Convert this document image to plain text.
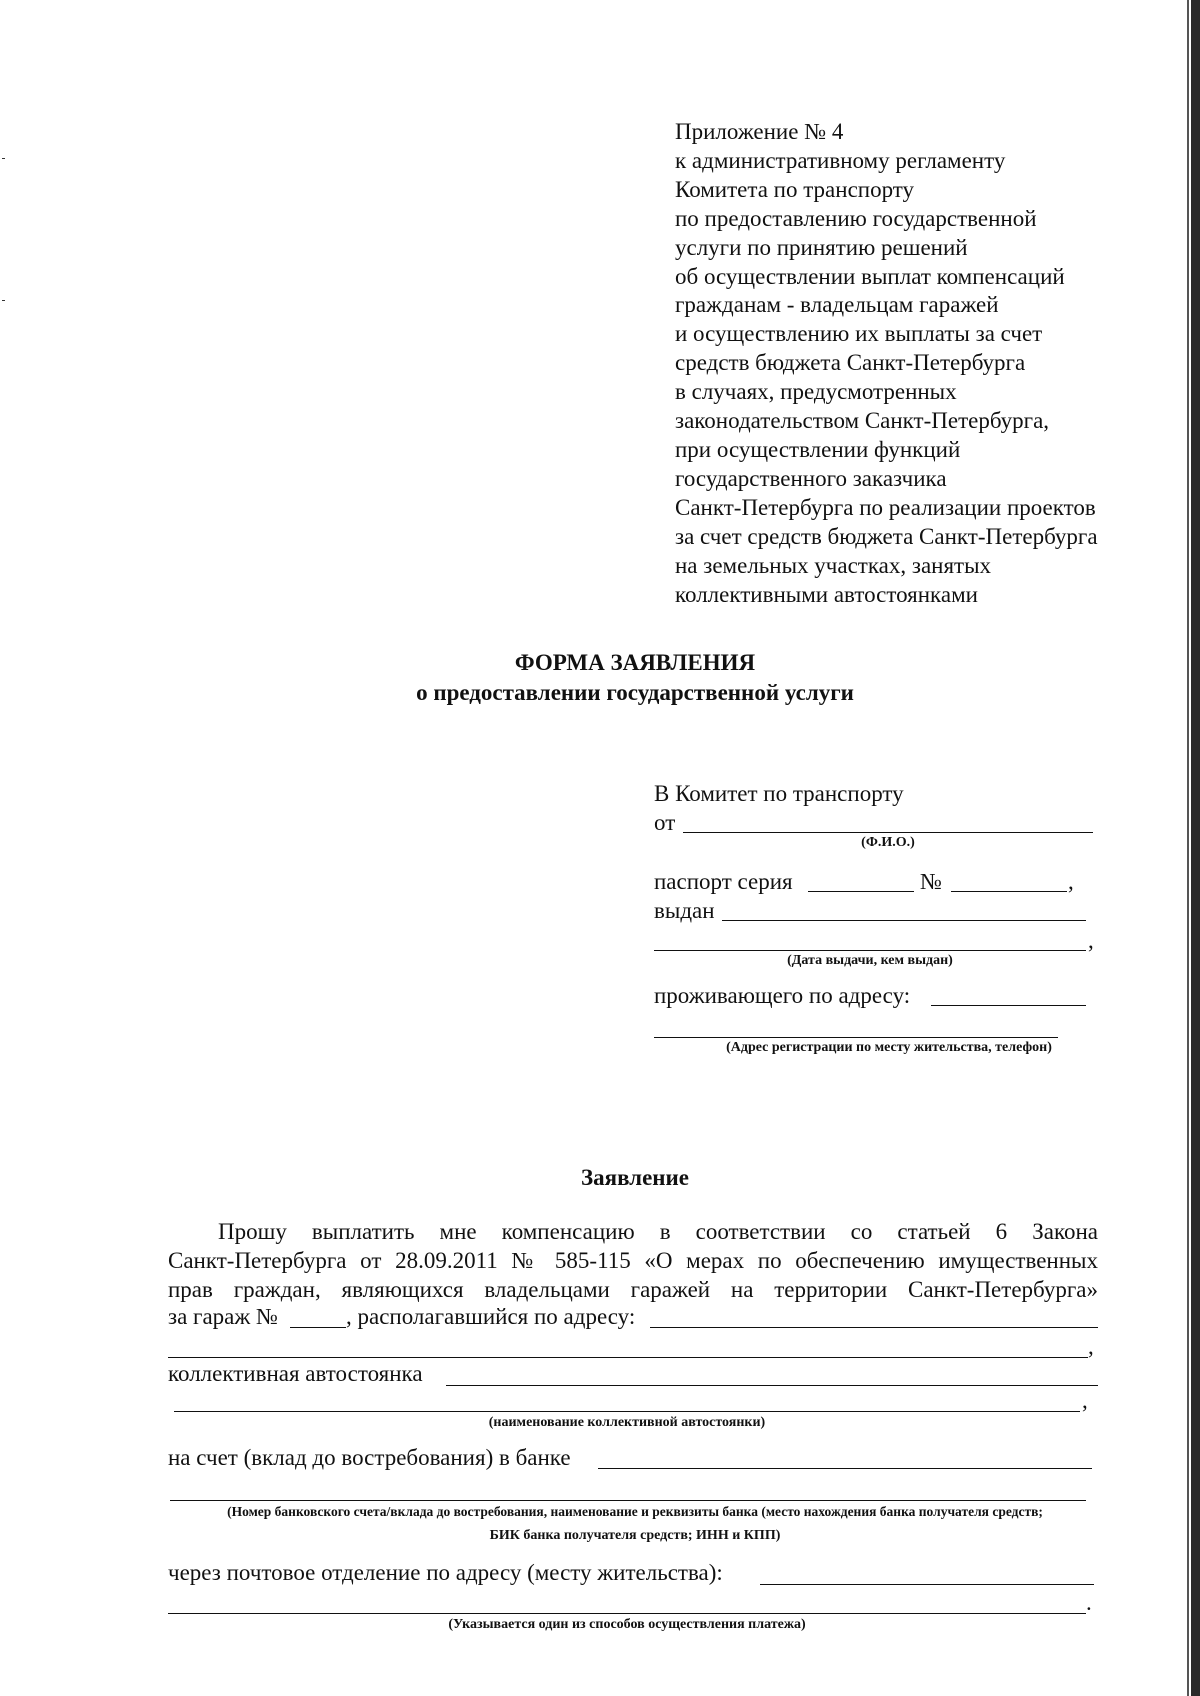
Приложение № 4
к административному регламенту
Комитета по транспорту
по предоставлению государственной
услуги по принятию решений
об осуществлении выплат компенсаций
гражданам - владельцам гаражей
и осуществлению их выплаты за счет
средств бюджета Санкт-Петербурга
в случаях, предусмотренных
законодательством Санкт-Петербурга,
при осуществлении функций
государственного заказчика
Санкт-Петербурга по реализации проектов
за счет средств бюджета Санкт-Петербурга
на земельных участках, занятых
коллективными автостоянками
ФОРМА ЗАЯВЛЕНИЯ
о предоставлении государственной услуги
В Комитет по транспорту
от
(Ф.И.О.)
паспорт серия	№	,
выдан
,
(Дата выдачи, кем выдан)
проживающего по адресу:
(Адрес регистрации по месту жительства, телефон)
Заявление
Прошу выплатить мне компенсацию в соответствии со статьей 6 Закона
Санкт-Петербурга от 28.09.2011 № 585-115 «О мерах по обеспечению имущественных
прав граждан, являющихся владельцами гаражей на территории Санкт-Петербурга»
за гараж №	, располагавшийся по адресу:
,
коллективная автостоянка
,
(наименование коллективной автостоянки)
на счет (вклад до востребования) в банке
(Номер банковского счета/вклада до востребования, наименование и реквизиты банка (место нахождения банка получателя средств;
БИК банка получателя средств; ИНН и КПП)
через почтовое отделение по адресу (месту жительства):
.
(Указывается один из способов осуществления платежа)
